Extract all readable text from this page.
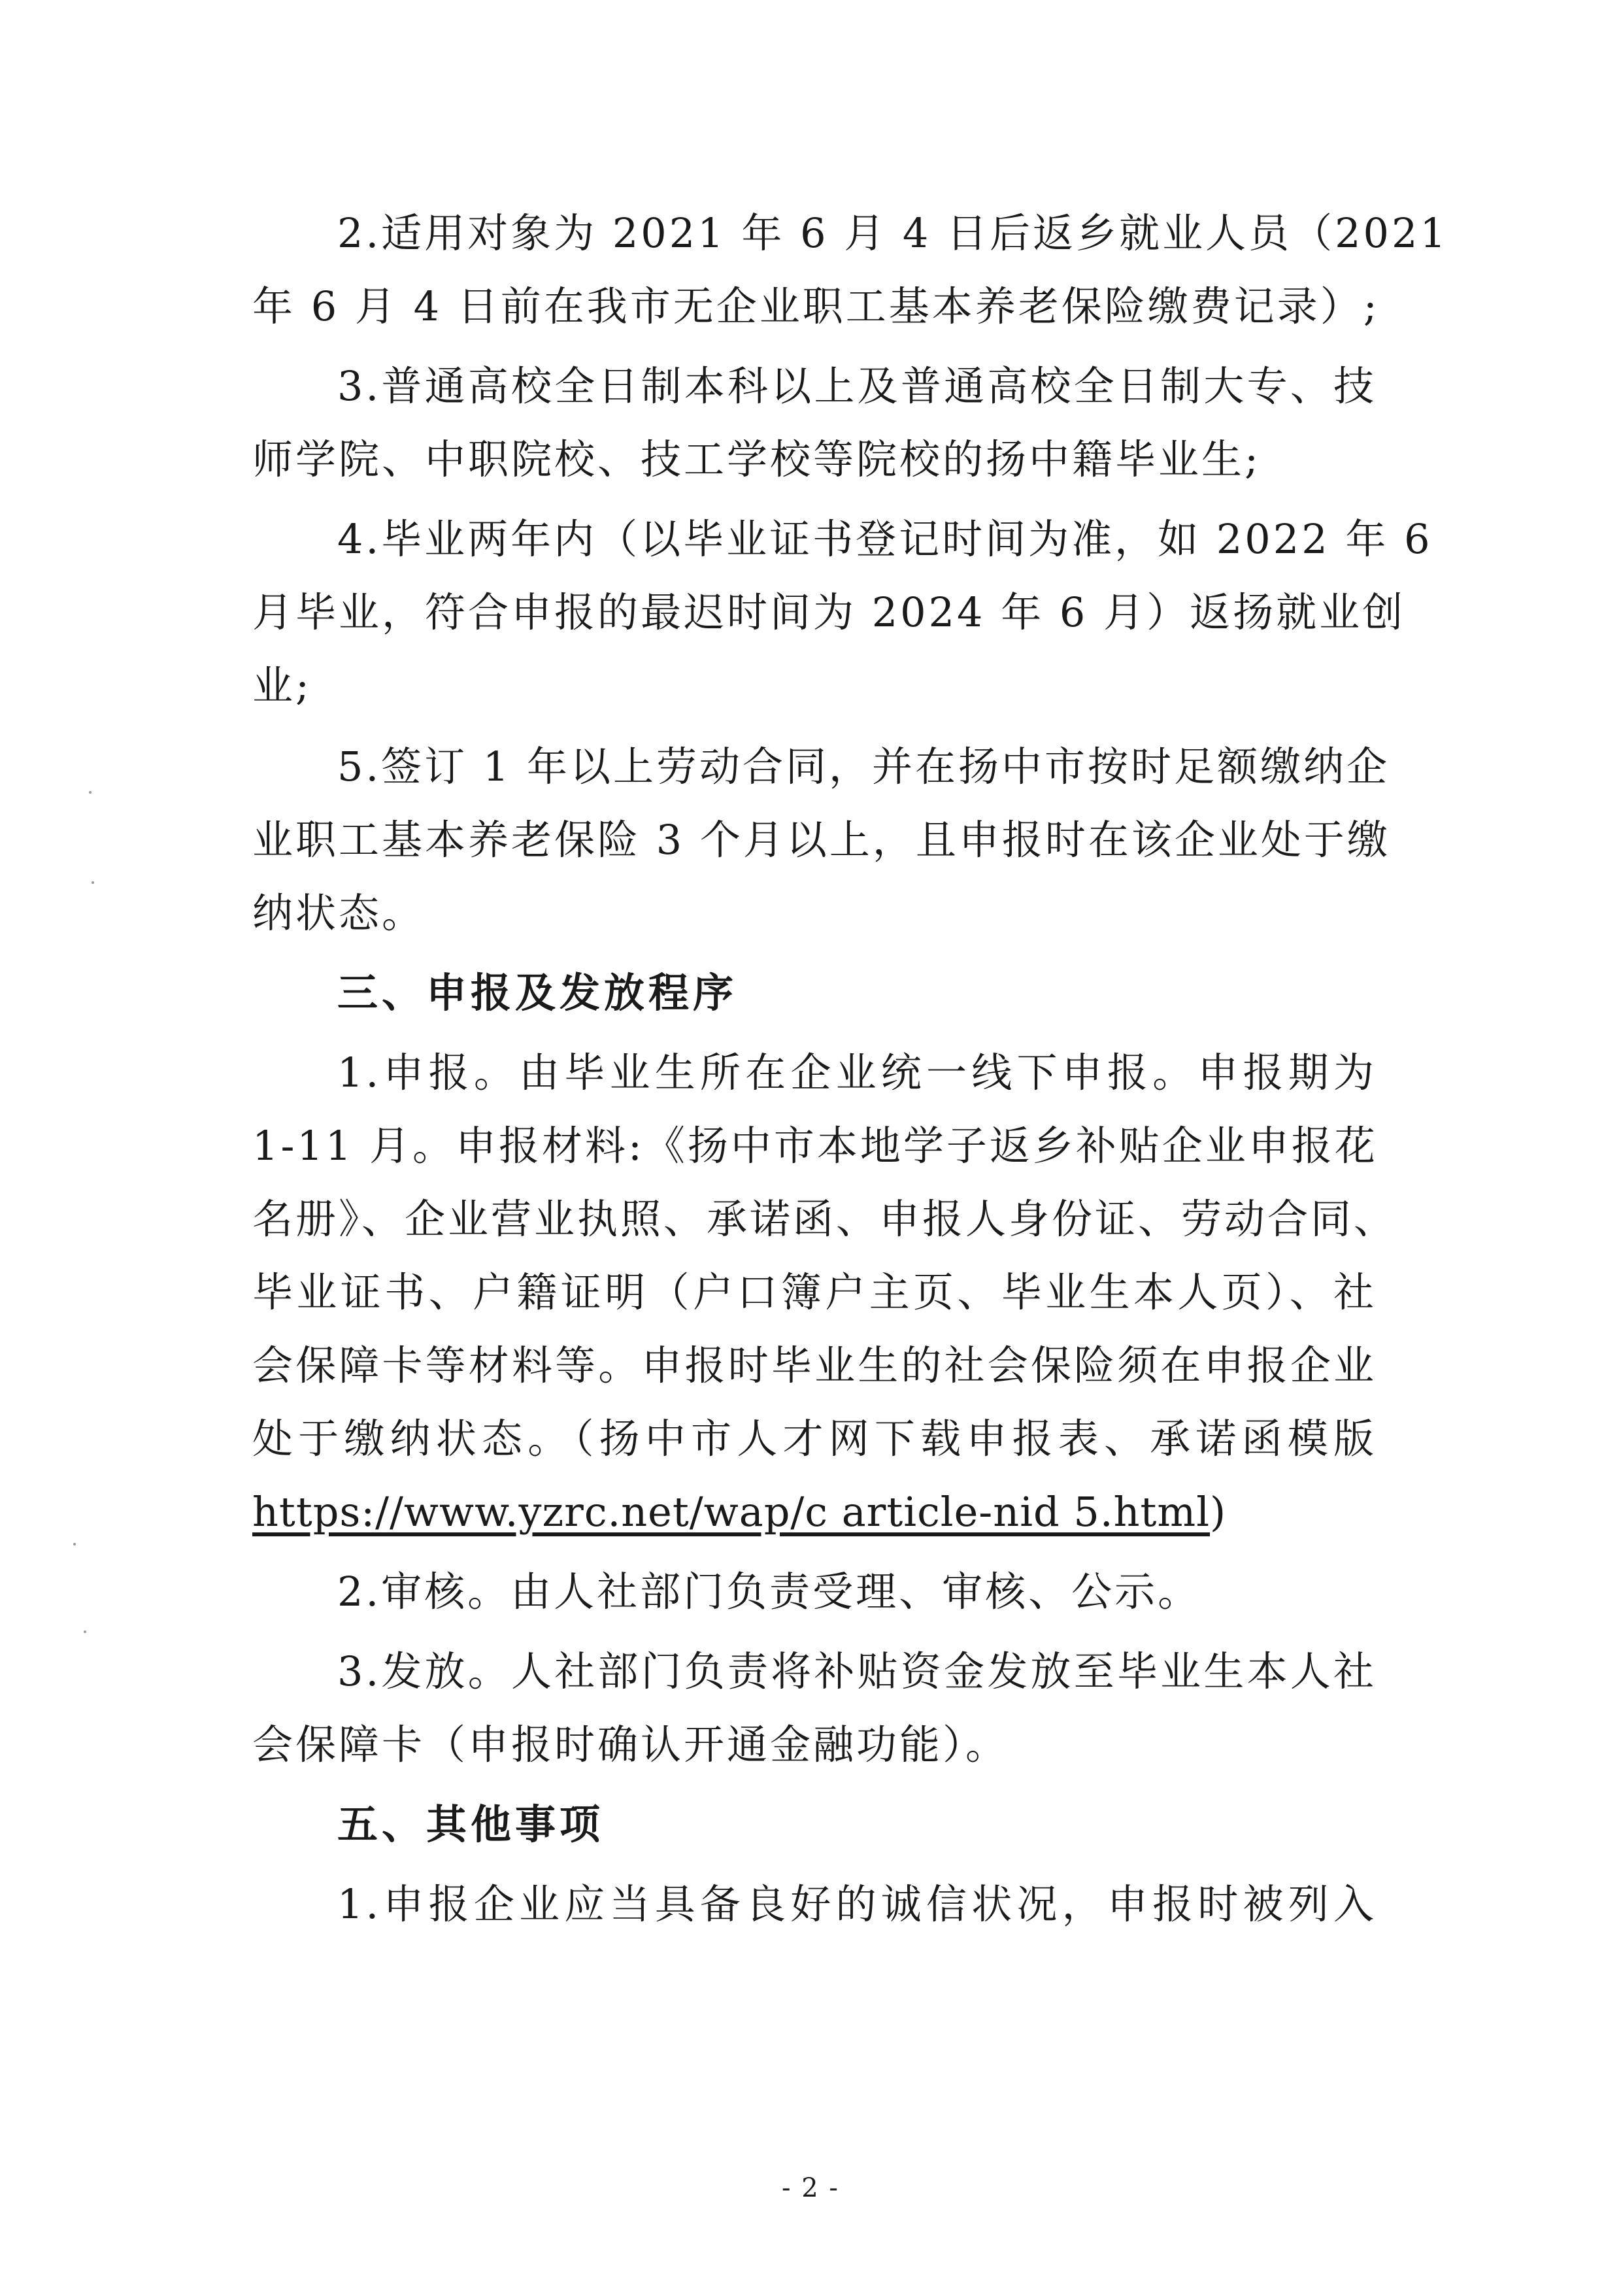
2.适用对象为 2021 年 6 月 4 日后返乡就业人员（2021
年 6 月 4 日前在我市无企业职工基本养老保险缴费记录）;
3.普通高校全日制本科以上及普通高校全日制大专、技
师学院、中职院校、技工学校等院校的扬中籍毕业生;
4.毕业两年内（以毕业证书登记时间为准，如 2022 年 6
月毕业，符合申报的最迟时间为 2024 年 6 月）返扬就业创
业;
5.签订 1 年以上劳动合同，并在扬中市按时足额缴纳企
业职工基本养老保险 3 个月以上，且申报时在该企业处于缴
纳状态。
三、申报及发放程序
1.申报。由毕业生所在企业统一线下申报。申报期为
1-11 月。申报材料:《扬中市本地学子返乡补贴企业申报花
名册》、企业营业执照、承诺函、申报人身份证、劳动合同、
毕业证书、户籍证明（户口簿户主页、毕业生本人页）、社
会保障卡等材料等。申报时毕业生的社会保险须在申报企业
处于缴纳状态。（扬中市人才网下载申报表、承诺函模版
https://www.yzrc.net/wap/c article-nid 5.html)
2.审核。由人社部门负责受理、审核、公示。
3.发放。人社部门负责将补贴资金发放至毕业生本人社
会保障卡（申报时确认开通金融功能）。
五、其他事项
1.申报企业应当具备良好的诚信状况，申报时被列入
- 2 -
